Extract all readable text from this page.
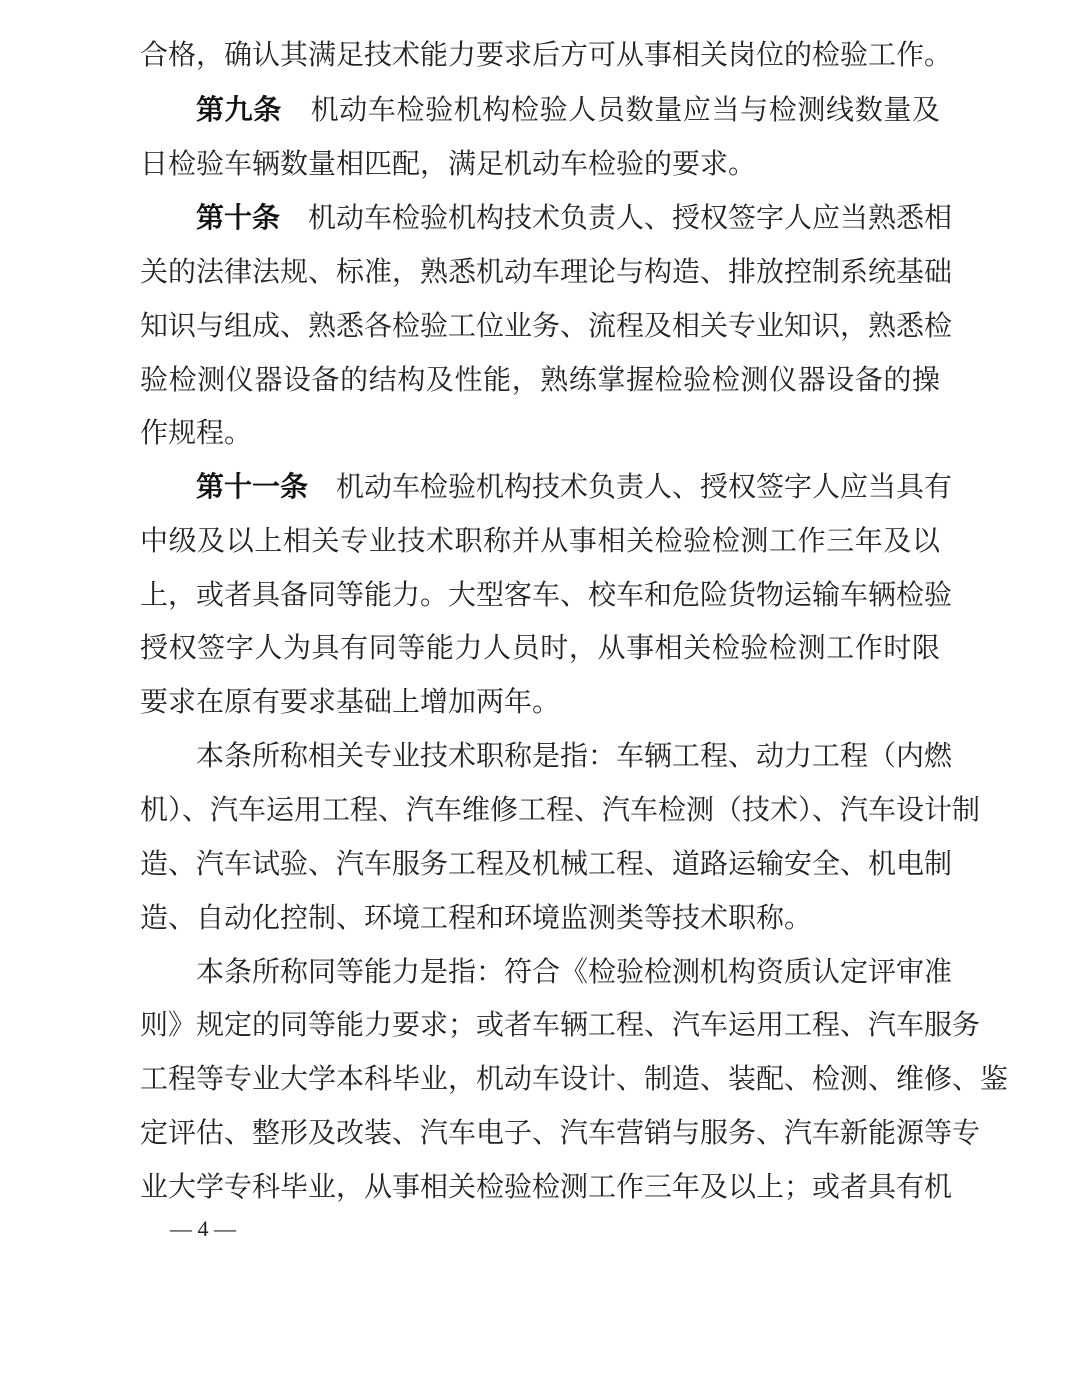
合格，确认其满足技术能力要求后方可从事相关岗位的检验工作。
第九条　 机动车检验机构检验人员数量应当与检测线数量及
日检验车辆数量相匹配，满足机动车检验的要求。
第十条　 机动车检验机构技术负责人、授权签字人应当熟悉相
关的法律法规、标准，熟悉机动车理论与构造、排放控制系统基础
知识与组成、熟悉各检验工位业务、流程及相关专业知识，熟悉检
验检测仪器设备的结构及性能，熟练掌握检验检测仪器设备的操
作规程。
第十一条　 机动车检验机构技术负责人、授权签字人应当具有
中级及以上相关专业技术职称并从事相关检验检测工作三年及以
上，或者具备同等能力。大型客车、校车和危险货物运输车辆检验
授权签字人为具有同等能力人员时，从事相关检验检测工作时限
要求在原有要求基础上增加两年。
本条所称相关专业技术职称是指：车辆工程、动力工程（内燃
机）、汽车运用工程、汽车维修工程、汽车检测（技术）、汽车设计制
造、汽车试验、汽车服务工程及机械工程、道路运输安全、机电制
造、自动化控制、环境工程和环境监测类等技术职称。
本条所称同等能力是指：符合《检验检测机构资质认定评审准
则》规定的同等能力要求；或者车辆工程、汽车运用工程、汽车服务
工程等专业大学本科毕业，机动车设计、制造、装配、检测、维修、鉴
定评估、整形及改装、汽车电子、汽车营销与服务、汽车新能源等专
业大学专科毕业，从事相关检验检测工作三年及以上；或者具有机
— 4 —
